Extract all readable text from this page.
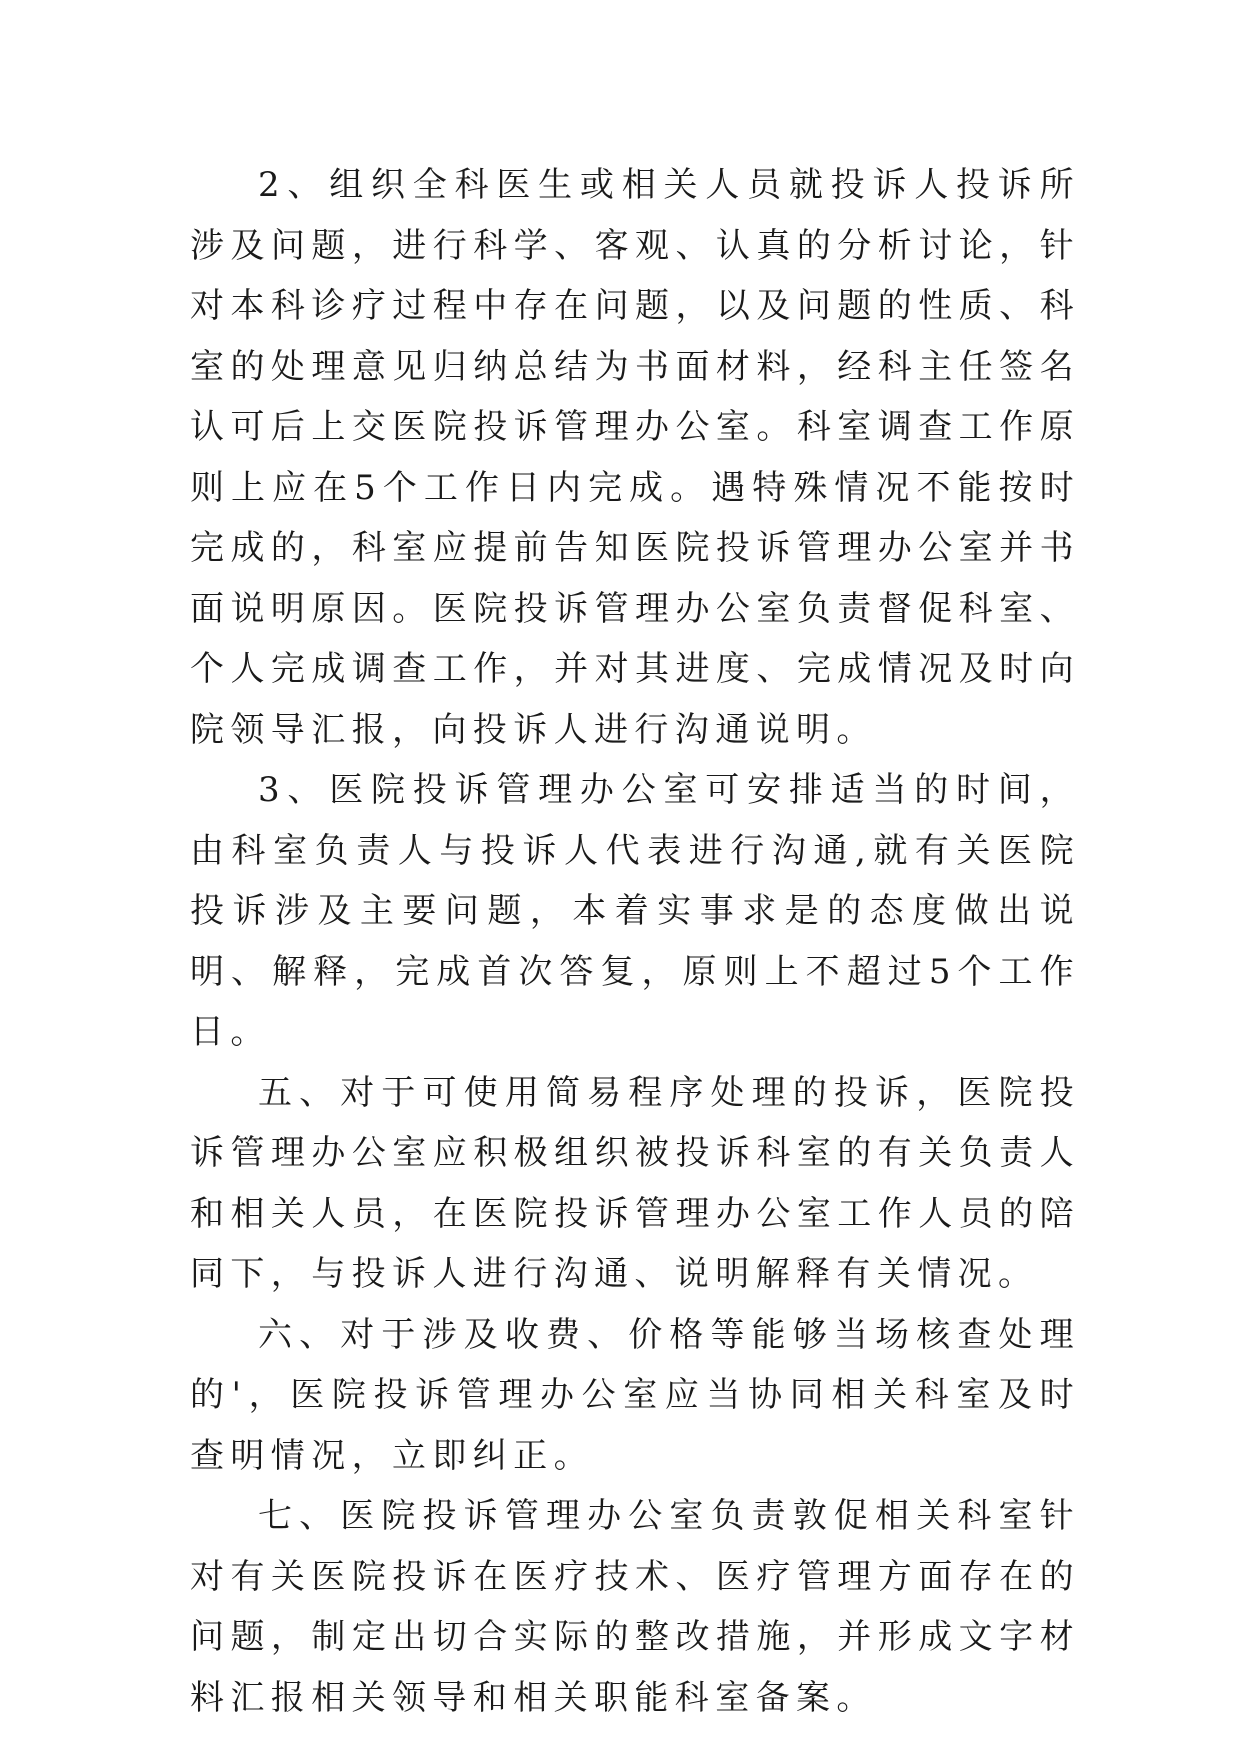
2、组织全科医生或相关人员就投诉人投诉所涉及问题，进行科学、客观、认真的分析讨论，针对本科诊疗过程中存在问题，以及问题的性质、科室的处理意见归纳总结为书面材料，经科主任签名认可后上交医院投诉管理办公室。科室调查工作原则上应在5个工作日内完成。遇特殊情况不能按时完成的，科室应提前告知医院投诉管理办公室并书面说明原因。医院投诉管理办公室负责督促科室、个人完成调查工作，并对其进度、完成情况及时向院领导汇报，向投诉人进行沟通说明。

3、医院投诉管理办公室可安排适当的时间，由科室负责人与投诉人代表进行沟通,就有关医院投诉涉及主要问题，本着实事求是的态度做出说明、解释，完成首次答复，原则上不超过5个工作日。

五、对于可使用简易程序处理的投诉，医院投诉管理办公室应积极组织被投诉科室的有关负责人和相关人员，在医院投诉管理办公室工作人员的陪同下，与投诉人进行沟通、说明解释有关情况。

六、对于涉及收费、价格等能够当场核查处理的'，医院投诉管理办公室应当协同相关科室及时查明情况，立即纠正。

七、医院投诉管理办公室负责敦促相关科室针对有关医院投诉在医疗技术、医疗管理方面存在的问题，制定出切合实际的整改措施，并形成文字材料汇报相关领导和相关职能科室备案。
